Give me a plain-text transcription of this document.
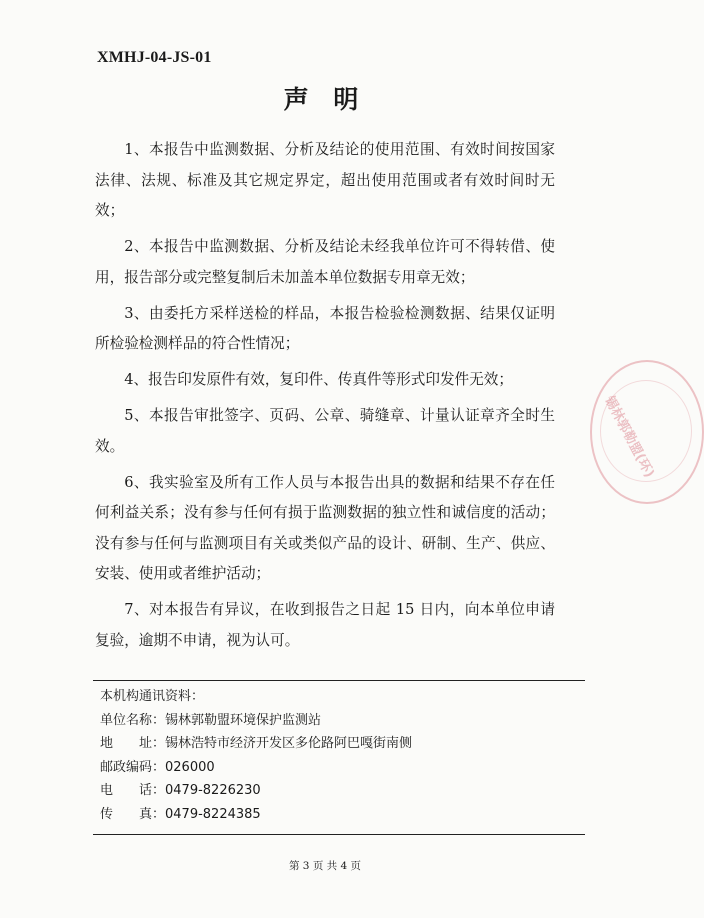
XMHJ-04-JS-01
声 明

1、本报告中监测数据、分析及结论的使用范围、有效时间按国家法律、法规、标准及其它规定界定，超出使用范围或者有效时间时无效；

2、本报告中监测数据、分析及结论未经我单位许可不得转借、使用，报告部分或完整复制后未加盖本单位数据专用章无效；

3、由委托方采样送检的样品，本报告检验检测数据、结果仅证明所检验检测样品的符合性情况；

4、报告印发原件有效，复印件、传真件等形式印发件无效；

5、本报告审批签字、页码、公章、骑缝章、计量认证章齐全时生效。

6、我实验室及所有工作人员与本报告出具的数据和结果不存在任何利益关系；没有参与任何有损于监测数据的独立性和诚信度的活动；没有参与任何与监测项目有关或类似产品的设计、研制、生产、供应、安装、使用或者维护活动；

7、对本报告有异议，在收到报告之日起 15 日内，向本单位申请复验，逾期不申请，视为认可。

锡林郭勒盟(环)
本机构通讯资料：
单位名称： 锡林郭勒盟环境保护监测站
地　　址： 锡林浩特市经济开发区多伦路阿巴嘎街南侧
邮政编码： 026000
电　　话： 0479-8226230
传　　真： 0479-8224385
第 3 页 共 4 页
